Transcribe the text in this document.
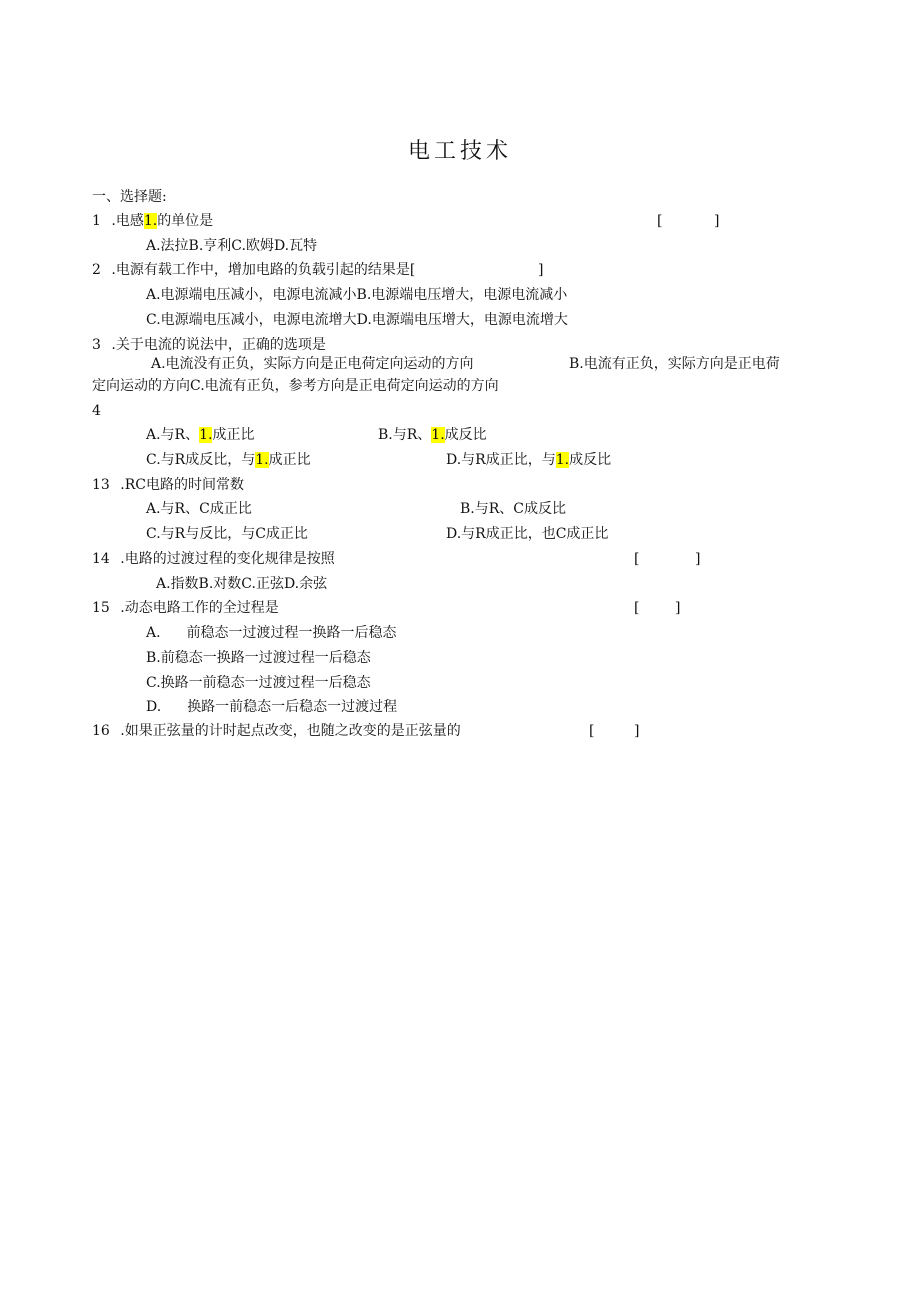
电工技术
一、选择题:
1 .电感1.的单位是	[	]
A.法拉B.亨利C.欧姆D.瓦特
2 .电源有载工作中，增加电路的负载引起的结果是[	]
A.电源端电压减小，电源电流减小B.电源端电压增大，电源电流减小
C.电源端电压减小，电源电流增大D.电源端电压增大，电源电流增大
3 .关于电流的说法中，正确的选项是
A.电流没有正负，实际方向是正电荷定向运动的方向	B.电流有正负，实际方向是正电荷
定向运动的方向C.电流有正负，参考方向是正电荷定向运动的方向
4
A.与R、1.成正比	B.与R、1.成反比
C.与R成反比，与1.成正比	D.与R成正比，与1.成反比
13 .RC电路的时间常数
A.与R、C成正比	B.与R、C成反比
C.与R与反比，与C成正比	D.与R成正比，也C成正比
14 .电路的过渡过程的变化规律是按照	[	]
A.指数B.对数C.正弦D.余弦
15 .动态电路工作的全过程是	[	]
A. 前稳态一过渡过程一换路一后稳态
B.前稳态一换路一过渡过程一后稳态
C.换路一前稳态一过渡过程一后稳态
D. 换路一前稳态一后稳态一过渡过程
16 .如果正弦量的计时起点改变，也随之改变的是正弦量的	[	]
